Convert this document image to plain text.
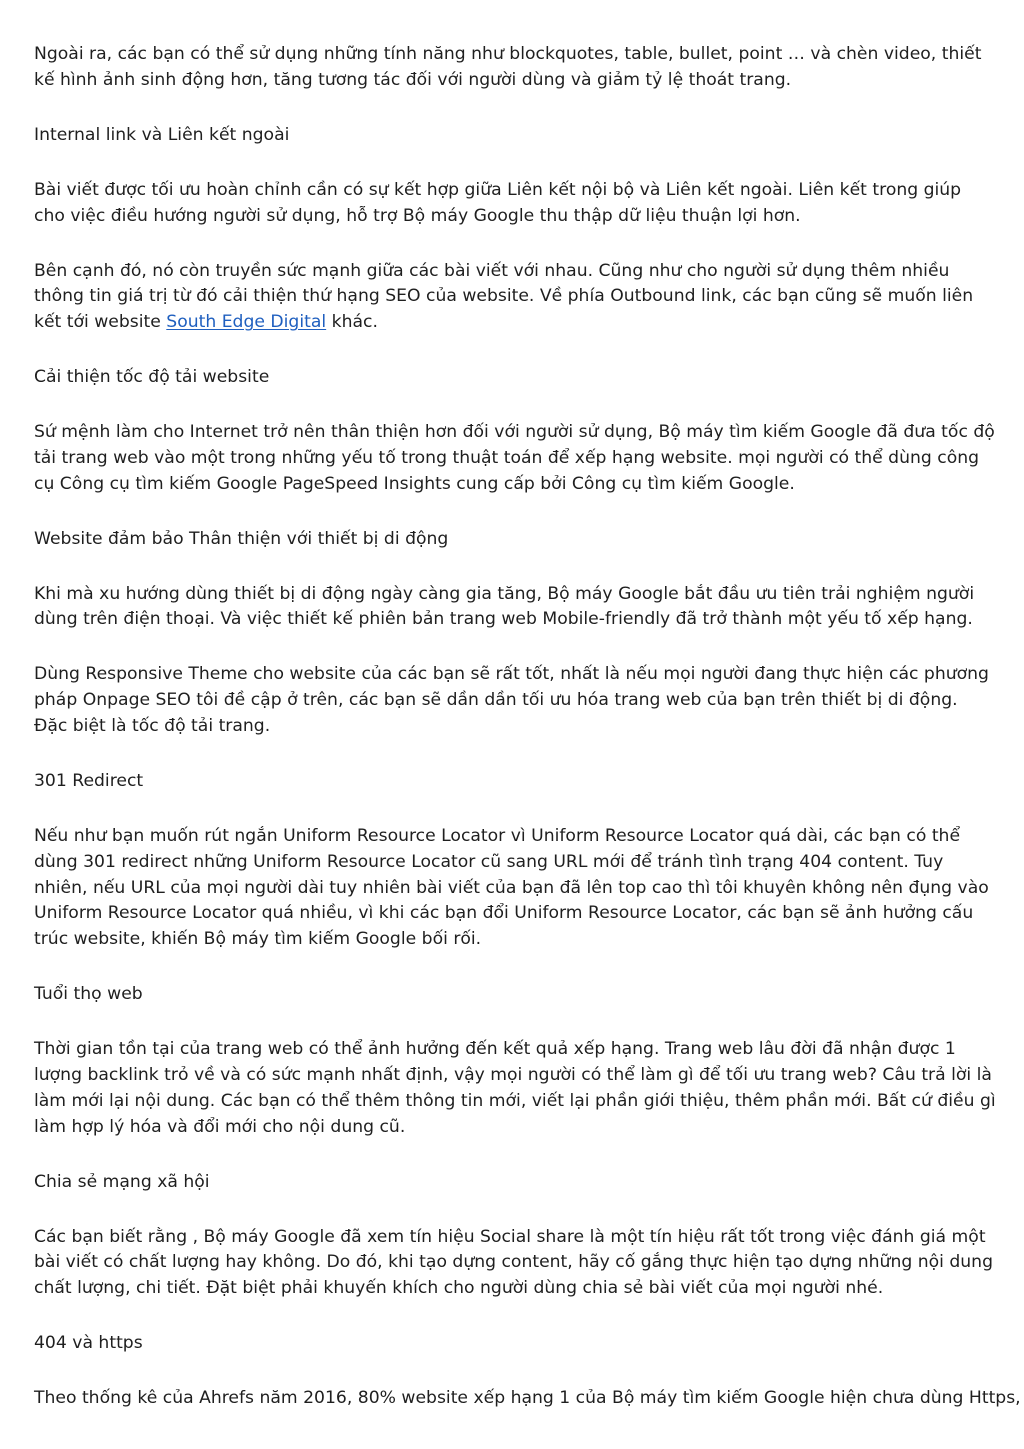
Ngoài ra, các bạn có thể sử dụng những tính năng như blockquotes, table, bullet, point … và chèn video, thiết kế hình ảnh sinh động hơn, tăng tương tác đối với người dùng và giảm tỷ lệ thoát trang.

Internal link và Liên kết ngoài

Bài viết được tối ưu hoàn chỉnh cần có sự kết hợp giữa Liên kết nội bộ và Liên kết ngoài. Liên kết trong giúp cho việc điều hướng người sử dụng, hỗ trợ Bộ máy Google thu thập dữ liệu thuận lợi hơn.

Bên cạnh đó, nó còn truyền sức mạnh giữa các bài viết với nhau. Cũng như cho người sử dụng thêm nhiều thông tin giá trị từ đó cải thiện thứ hạng SEO của website. Về phía Outbound link, các bạn cũng sẽ muốn liên kết tới website South Edge Digital khác.

Cải thiện tốc độ tải website

Sứ mệnh làm cho Internet trở nên thân thiện hơn đối với người sử dụng, Bộ máy tìm kiếm Google đã đưa tốc độ tải trang web vào một trong những yếu tố trong thuật toán để xếp hạng website. mọi người có thể dùng công cụ Công cụ tìm kiếm Google PageSpeed Insights cung cấp bởi Công cụ tìm kiếm Google.

Website đảm bảo Thân thiện với thiết bị di động

Khi mà xu hướng dùng thiết bị di động ngày càng gia tăng, Bộ máy Google bắt đầu ưu tiên trải nghiệm người dùng trên điện thoại. Và việc thiết kế phiên bản trang web Mobile-friendly đã trở thành một yếu tố xếp hạng.

Dùng Responsive Theme cho website của các bạn sẽ rất tốt, nhất là nếu mọi người đang thực hiện các phương pháp Onpage SEO tôi đề cập ở trên, các bạn sẽ dần dần tối ưu hóa trang web của bạn trên thiết bị di động. Đặc biệt là tốc độ tải trang.

301 Redirect

Nếu như bạn muốn rút ngắn Uniform Resource Locator vì Uniform Resource Locator quá dài, các bạn có thể dùng 301 redirect những Uniform Resource Locator cũ sang URL mới để tránh tình trạng 404 content. Tuy nhiên, nếu URL của mọi người dài tuy nhiên bài viết của bạn đã lên top cao thì tôi khuyên không nên đụng vào Uniform Resource Locator quá nhiều, vì khi các bạn đổi Uniform Resource Locator, các bạn sẽ ảnh hưởng cấu trúc website, khiến Bộ máy tìm kiếm Google bối rối.

Tuổi thọ web

Thời gian tồn tại của trang web có thể ảnh hưởng đến kết quả xếp hạng. Trang web lâu đời đã nhận được 1 lượng backlink trỏ về và có sức mạnh nhất định, vậy mọi người có thể làm gì để tối ưu trang web? Câu trả lời là làm mới lại nội dung. Các bạn có thể thêm thông tin mới, viết lại phần giới thiệu, thêm phần mới. Bất cứ điều gì làm hợp lý hóa và đổi mới cho nội dung cũ.

Chia sẻ mạng xã hội

Các bạn biết rằng , Bộ máy Google đã xem tín hiệu Social share là một tín hiệu rất tốt trong việc đánh giá một bài viết có chất lượng hay không. Do đó, khi tạo dựng content, hãy cố gắng thực hiện tạo dựng những nội dung chất lượng, chi tiết. Đặt biệt phải khuyến khích cho người dùng chia sẻ bài viết của mọi người nhé.

404 và https

Theo thống kê của Ahrefs năm 2016, 80% website xếp hạng 1 của Bộ máy tìm kiếm Google hiện chưa dùng Https,
